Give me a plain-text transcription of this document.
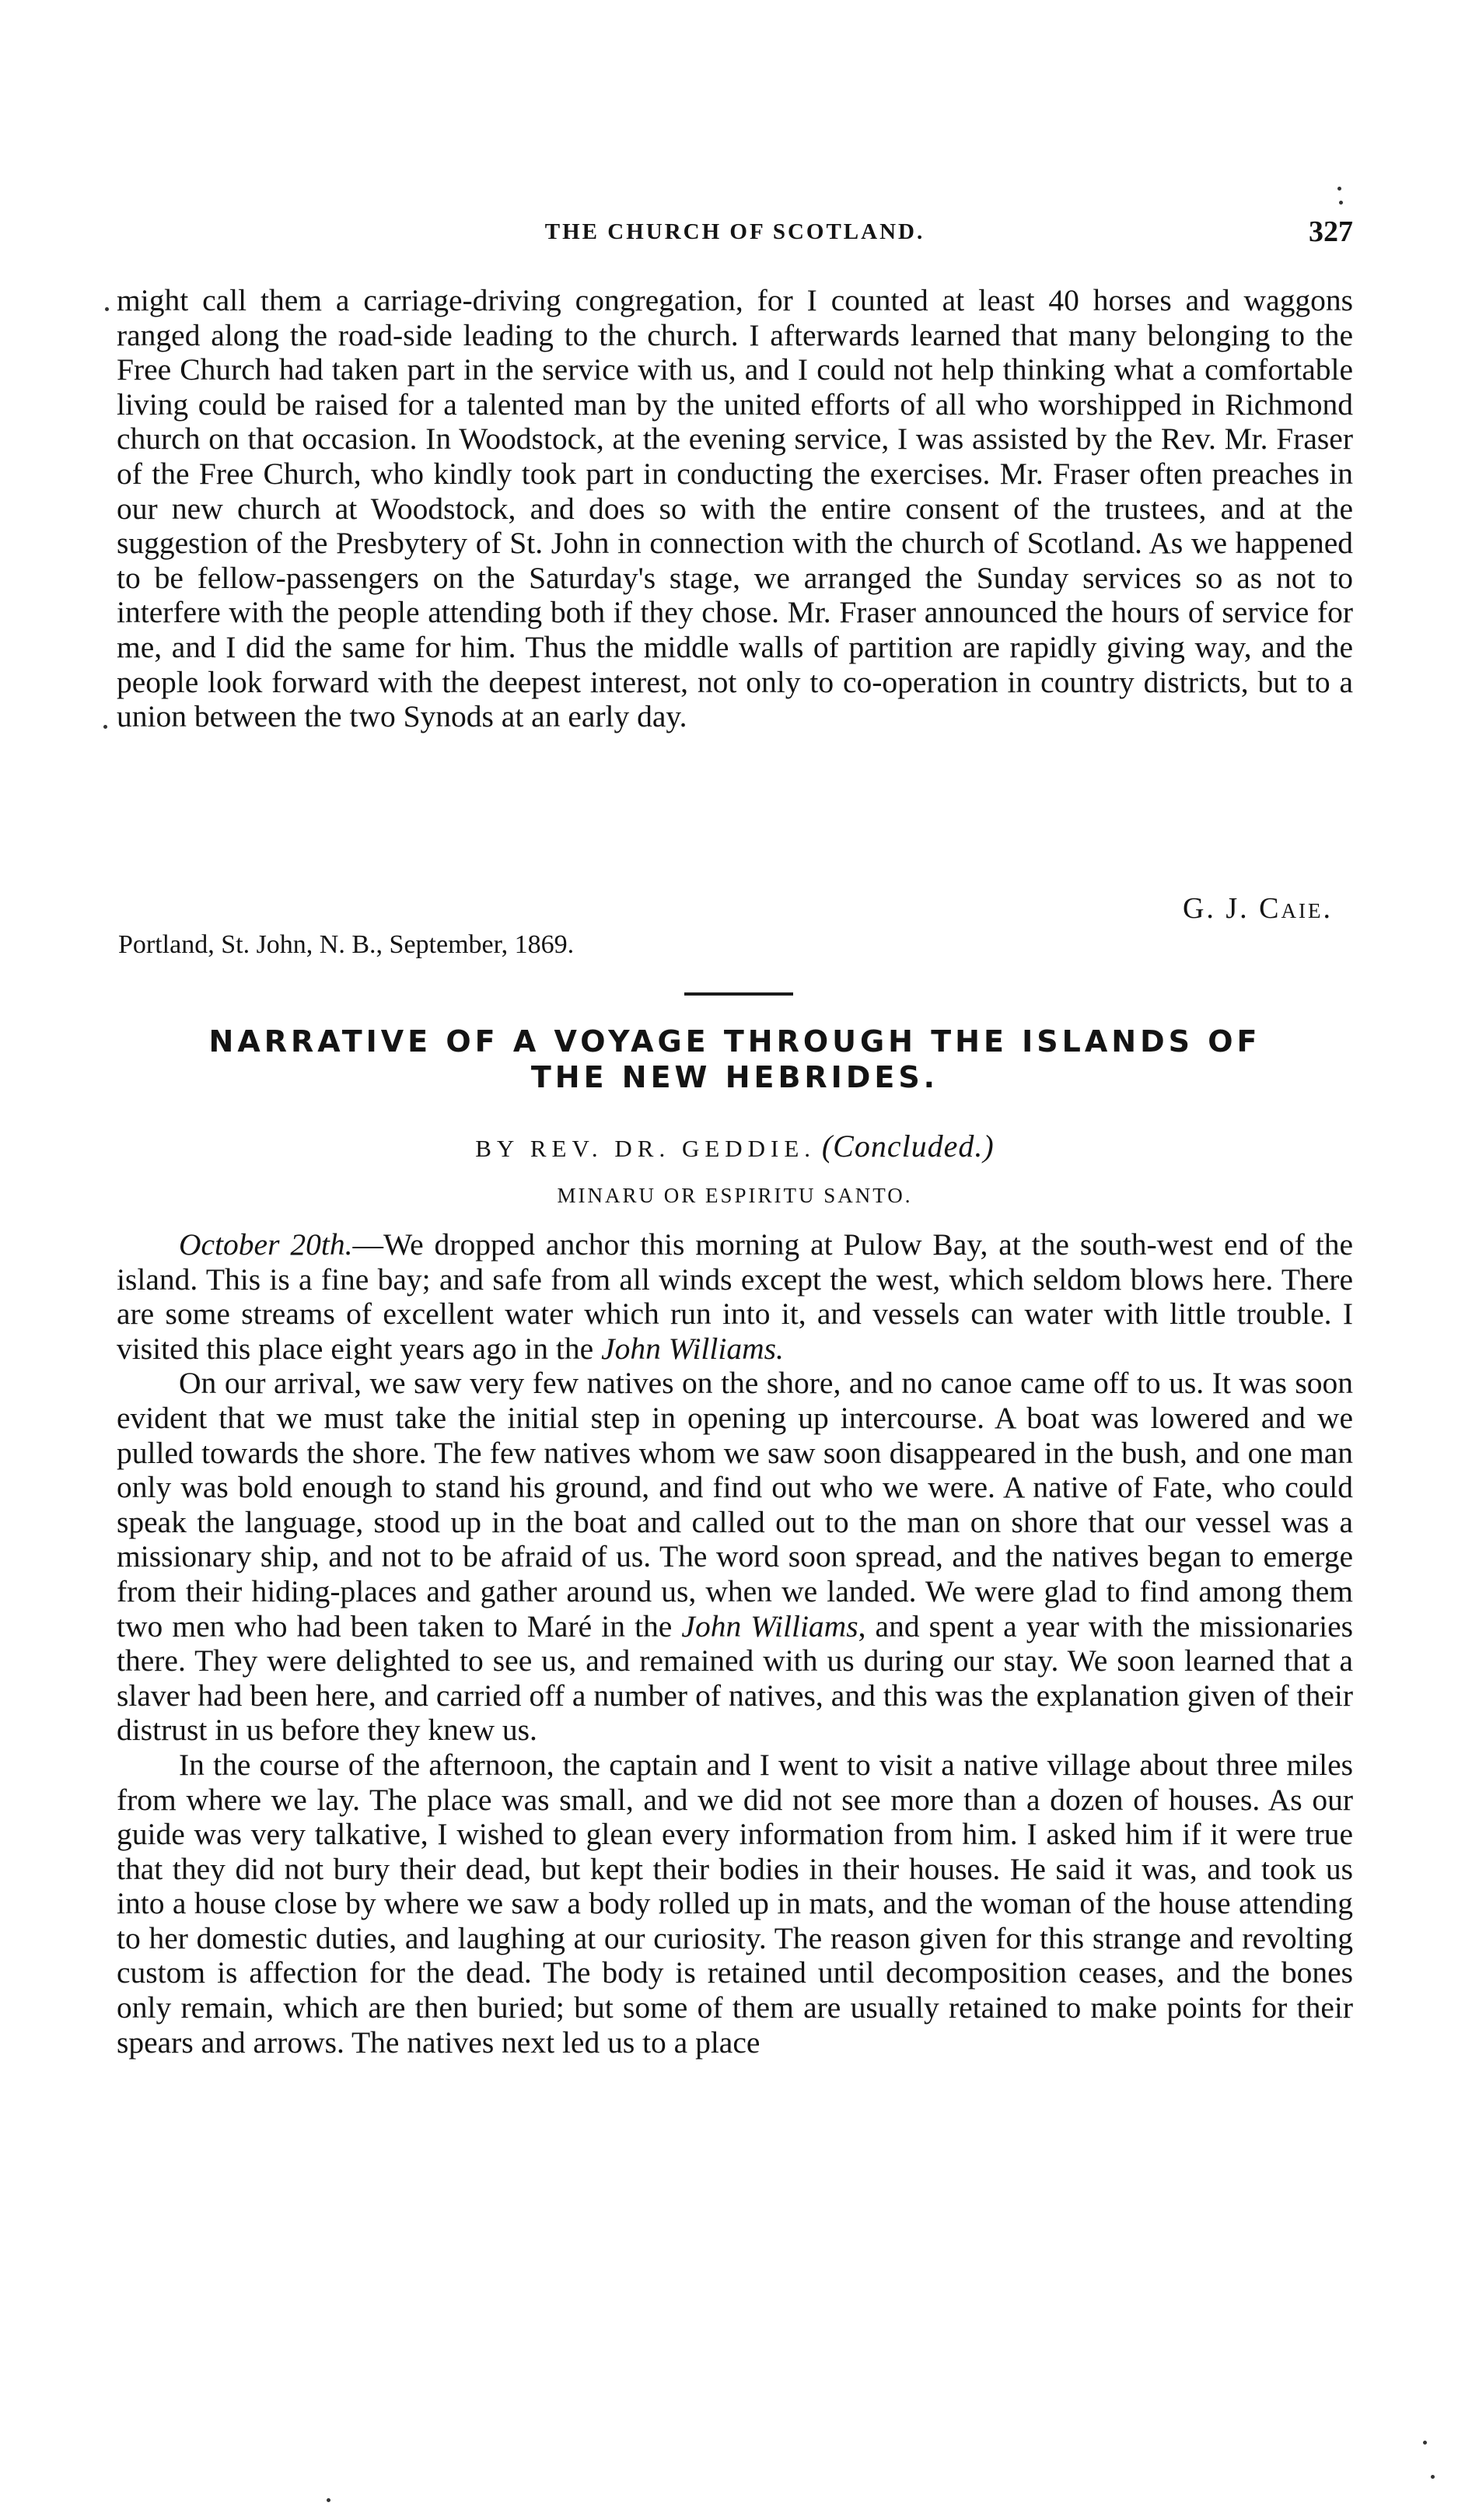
THE CHURCH OF SCOTLAND.	327

might call them a carriage-driving congregation, for I counted at least 40 horses and waggons ranged along the road-side leading to the church. I afterwards learned that many belonging to the Free Church had taken part in the service with us, and I could not help thinking what a comfortable living could be raised for a talented man by the united efforts of all who worshipped in Richmond church on that occasion. In Woodstock, at the evening service, I was assisted by the Rev. Mr. Fraser of the Free Church, who kindly took part in conducting the exercises. Mr. Fraser often preaches in our new church at Woodstock, and does so with the entire consent of the trustees, and at the suggestion of the Presbytery of St. John in connection with the church of Scotland. As we happened to be fellow-passengers on the Saturday's stage, we arranged the Sunday services so as not to interfere with the people attending both if they chose. Mr. Fraser announced the hours of service for me, and I did the same for him. Thus the middle walls of partition are rapidly giving way, and the people look forward with the deepest interest, not only to co-operation in country districts, but to a union between the two Synods at an early day.

G. J. Caie.
Portland, St. John, N. B., September, 1869.
NARRATIVE OF A VOYAGE THROUGH THE ISLANDS OF
THE NEW HEBRIDES.
BY REV. DR. GEDDIE. (Concluded.)
MINARU OR ESPIRITU SANTO.

October 20th.—We dropped anchor this morning at Pulow Bay, at the south-west end of the island. This is a fine bay; and safe from all winds except the west, which seldom blows here. There are some streams of excellent water which run into it, and vessels can water with little trouble. I visited this place eight years ago in the John Williams.

On our arrival, we saw very few natives on the shore, and no canoe came off to us. It was soon evident that we must take the initial step in opening up intercourse. A boat was lowered and we pulled towards the shore. The few natives whom we saw soon disappeared in the bush, and one man only was bold enough to stand his ground, and find out who we were. A native of Fate, who could speak the language, stood up in the boat and called out to the man on shore that our vessel was a missionary ship, and not to be afraid of us. The word soon spread, and the natives began to emerge from their hiding-places and gather around us, when we landed. We were glad to find among them two men who had been taken to Maré in the John Williams, and spent a year with the missionaries there. They were delighted to see us, and remained with us during our stay. We soon learned that a slaver had been here, and carried off a number of natives, and this was the explanation given of their distrust in us before they knew us.

In the course of the afternoon, the captain and I went to visit a native village about three miles from where we lay. The place was small, and we did not see more than a dozen of houses. As our guide was very talkative, I wished to glean every information from him. I asked him if it were true that they did not bury their dead, but kept their bodies in their houses. He said it was, and took us into a house close by where we saw a body rolled up in mats, and the woman of the house attending to her domestic duties, and laughing at our curiosity. The reason given for this strange and revolting custom is affection for the dead. The body is retained until decomposition ceases, and the bones only remain, which are then buried; but some of them are usually retained to make points for their spears and arrows. The natives next led us to a place
